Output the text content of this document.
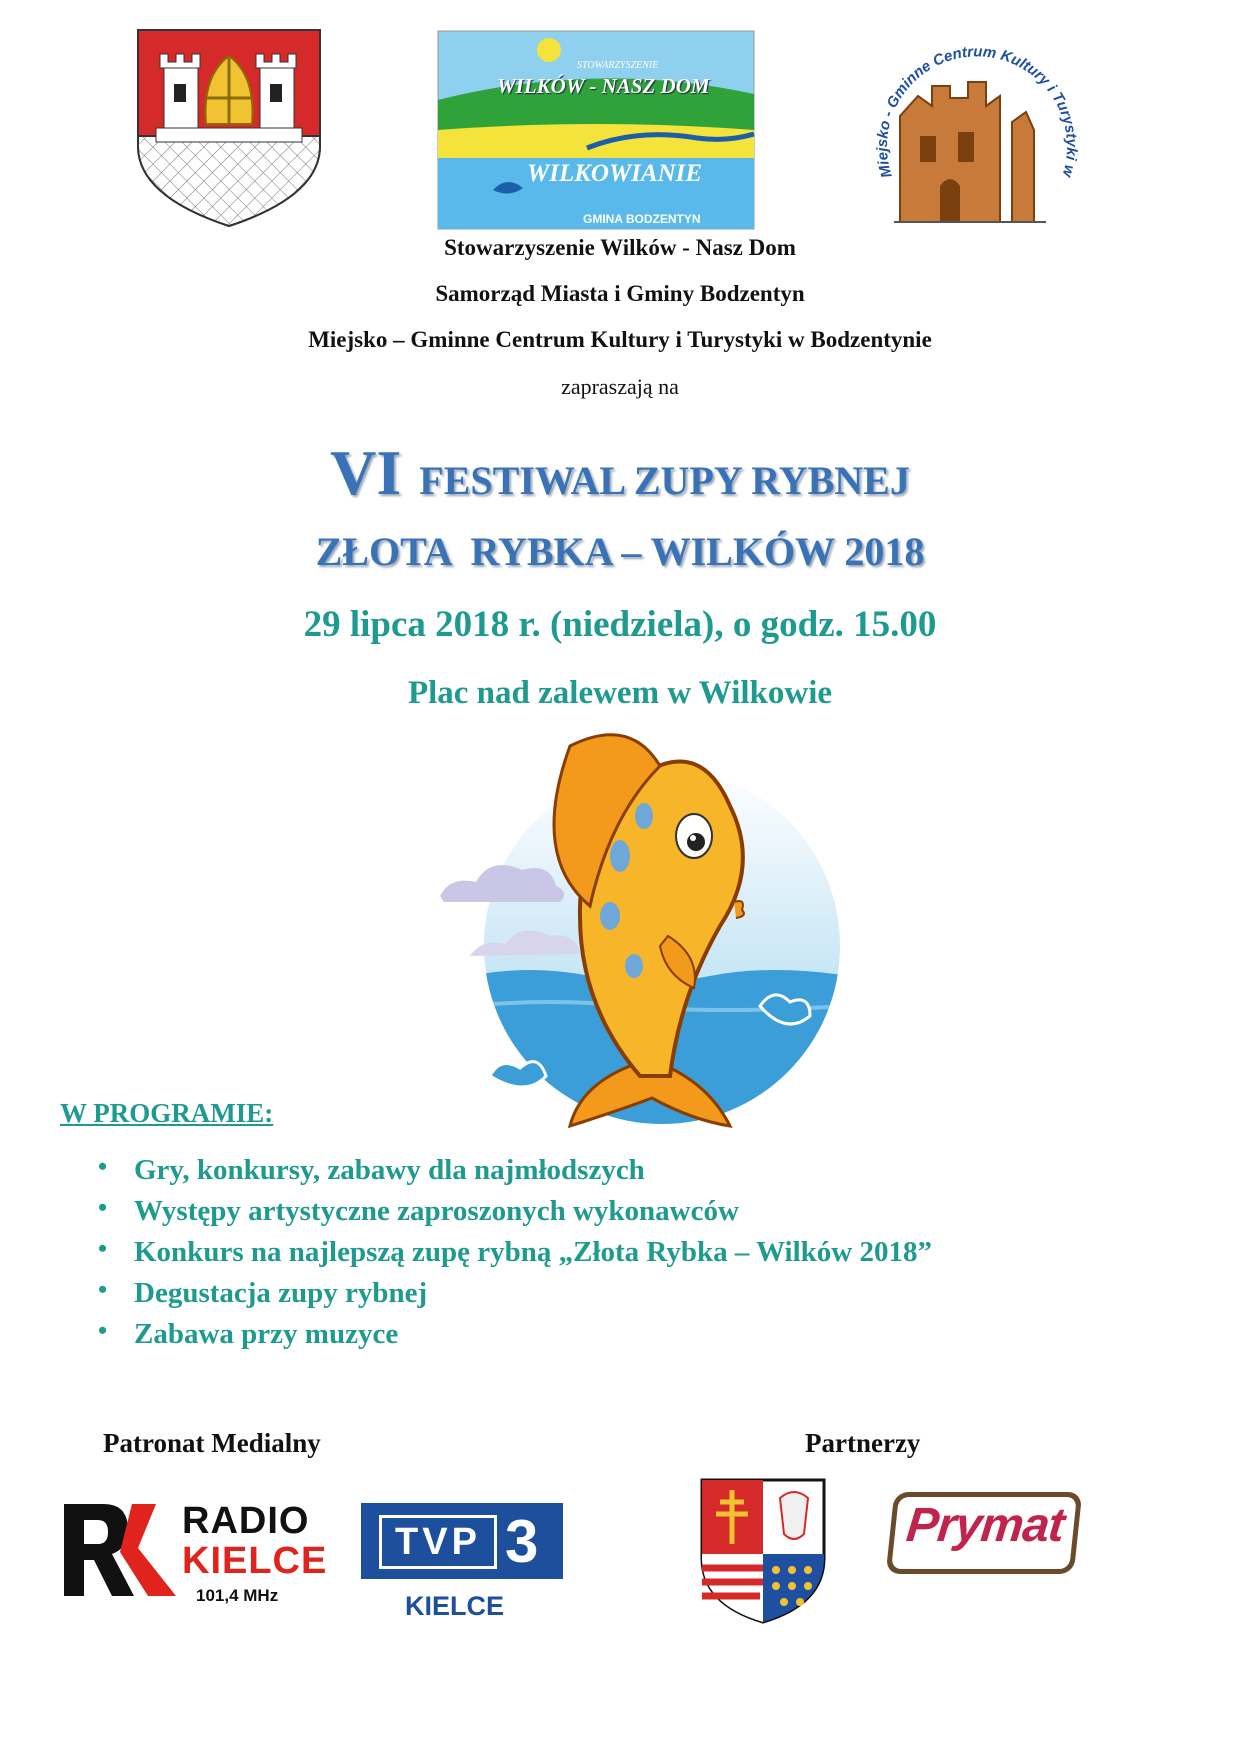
STOWARZYSZENIE
WILKÓW - NASZ DOM
WILKOWIANIE
GMINA BODZENTYN
Miejsko - Gminne Centrum Kultury i Turystyki w
Stowarzyszenie Wilków - Nasz Dom
Samorząd Miasta i Gminy Bodzentyn
Miejsko – Gminne Centrum Kultury i Turystyki w Bodzentynie
zapraszają na
VI FESTIWAL ZUPY RYBNEJ
ZŁOTA  RYBKA – WILKÓW 2018
29 lipca 2018 r. (niedziela), o godz. 15.00
Plac nad zalewem w Wilkowie
W PROGRAMIE:
• Gry, konkursy, zabawy dla najmłodszych
• Występy artystyczne zaproszonych wykonawców
• Konkurs na najlepszą zupę rybną „Złota Rybka – Wilków 2018”
• Degustacja zupy rybnej
• Zabawa przy muzyce
Patronat Medialny	Partnerzy
RADIO
KIELCE
101,4 MHz
TVP 3
KIELCE
Prymat
